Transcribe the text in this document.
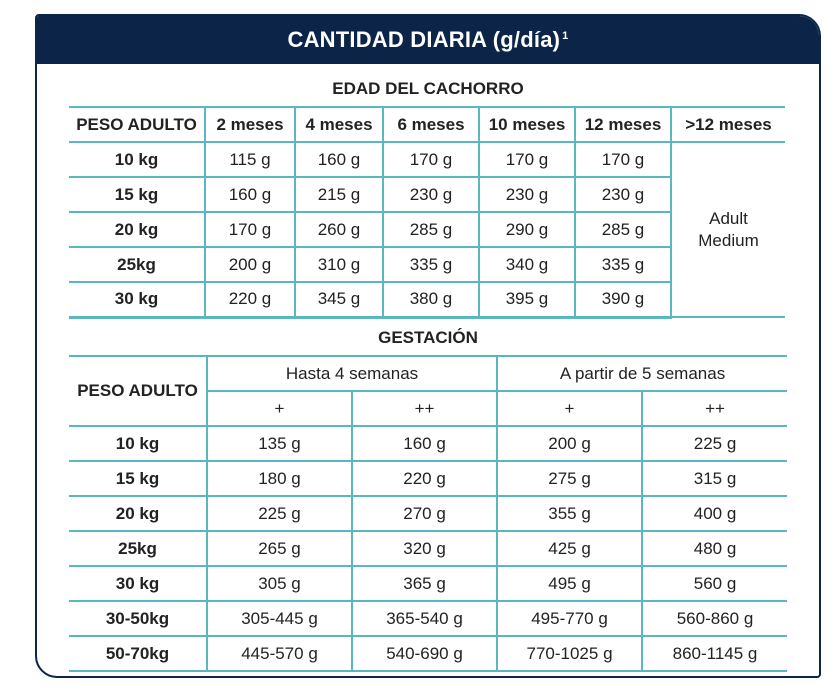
CANTIDAD DIARIA (g/día)$^1$
EDAD DEL CACHORRO
PESO ADULTO	2 meses	4 meses	6 meses	10 meses	12 meses	>12 meses
10 kg	115 g	160 g	170 g	170 g	170 g	Adult
Medium
15 kg	160 g	215 g	230 g	230 g	230 g	
20 kg	170 g	260 g	285 g	290 g	285 g	
25kg	200 g	310 g	335 g	340 g	335 g	
30 kg	220 g	345 g	380 g	395 g	390 g	
GESTACIÓN
PESO ADULTO	Hasta 4 semanas		A partir de 5 semanas	
	+	++	+	++
10 kg	135 g	160 g	200 g	225 g
15 kg	180 g	220 g	275 g	315 g
20 kg	225 g	270 g	355 g	400 g
25kg	265 g	320 g	425 g	480 g
30 kg	305 g	365 g	495 g	560 g
30-50kg	305-445 g	365-540 g	495-770 g	560-860 g
50-70kg	445-570 g	540-690 g	770-1025 g	860-1145 g
